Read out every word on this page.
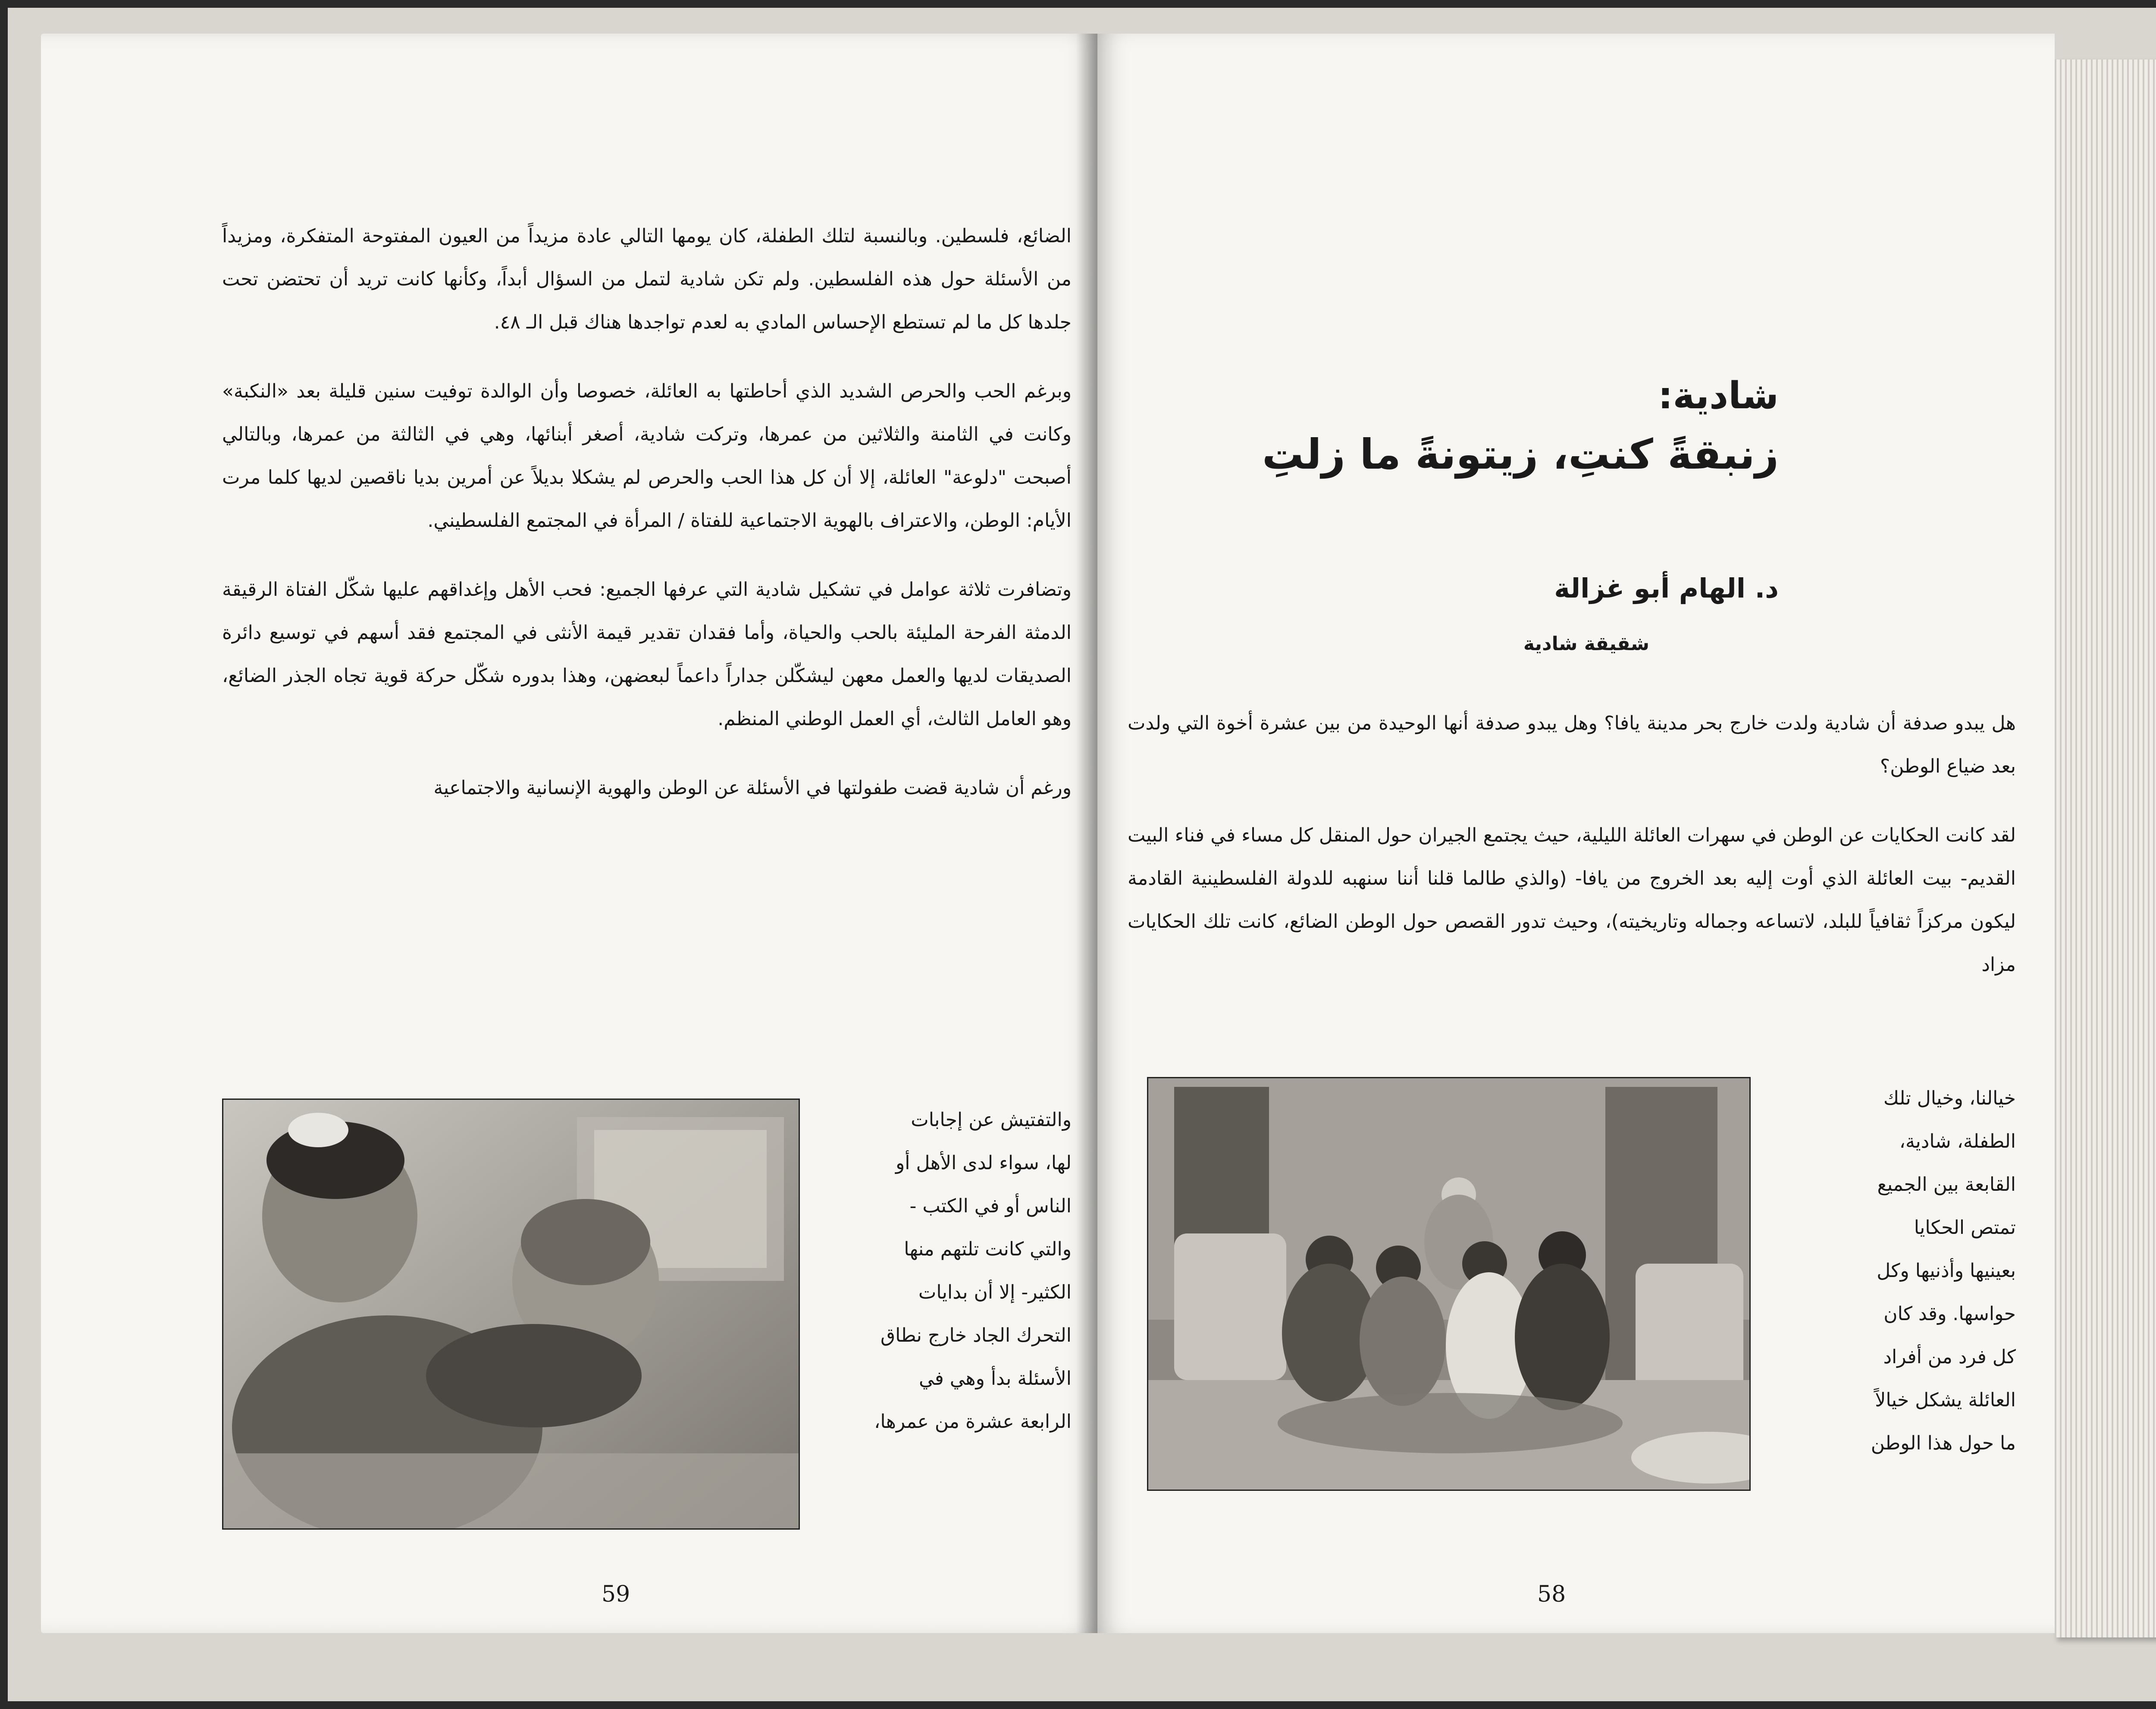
الضائع، فلسطين. وبالنسبة لتلك الطفلة، كان يومها التالي عادة مزيداً من العيون المفتوحة المتفكرة، ومزيداً من الأسئلة حول هذه الفلسطين. ولم تكن شادية لتمل من السؤال أبداً، وكأنها كانت تريد أن تحتضن تحت جلدها كل ما لم تستطع الإحساس المادي به لعدم تواجدها هناك قبل الـ ٤٨.

وبرغم الحب والحرص الشديد الذي أحاطتها به العائلة، خصوصا وأن الوالدة توفيت سنين قليلة بعد «النكبة» وكانت في الثامنة والثلاثين من عمرها، وتركت شادية، أصغر أبنائها، وهي في الثالثة من عمرها، وبالتالي أصبحت "دلوعة" العائلة، إلا أن كل هذا الحب والحرص لم يشكلا بديلاً عن أمرين بديا ناقصين لديها كلما مرت الأيام: الوطن، والاعتراف بالهوية الاجتماعية للفتاة / المرأة في المجتمع الفلسطيني.

وتضافرت ثلاثة عوامل في تشكيل شادية التي عرفها الجميع: فحب الأهل وإغداقهم عليها شكّل الفتاة الرقيقة الدمثة الفرحة المليئة بالحب والحياة، وأما فقدان تقدير قيمة الأنثى في المجتمع فقد أسهم في توسيع دائرة الصديقات لديها والعمل معهن ليشكّلن جداراً داعماً لبعضهن، وهذا بدوره شكّل حركة قوية تجاه الجذر الضائع، وهو العامل الثالث، أي العمل الوطني المنظم.

ورغم أن شادية قضت طفولتها في الأسئلة عن الوطن والهوية الإنسانية والاجتماعية

والتفتيش عن إجابات
لها، سواء لدى الأهل أو
الناس أو في الكتب -
والتي كانت تلتهم منها
الكثير- إلا أن بدايات
التحرك الجاد خارج نطاق
الأسئلة بدأ وهي في
الرابعة عشرة من عمرها،
59
شادية:
زنبقةً كنتِ، زيتونةً ما زلتِ
د. الهام أبو غزالة
شقيقة شادية

هل يبدو صدفة أن شادية ولدت خارج بحر مدينة يافا؟ وهل يبدو صدفة أنها الوحيدة من بين عشرة أخوة التي ولدت بعد ضياع الوطن؟

لقد كانت الحكايات عن الوطن في سهرات العائلة الليلية، حيث يجتمع الجيران حول المنقل كل مساء في فناء البيت القديم- بيت العائلة الذي أوت إليه بعد الخروج من يافا- (والذي طالما قلنا أننا سنهبه للدولة الفلسطينية القادمة ليكون مركزاً ثقافياً للبلد، لاتساعه وجماله وتاريخيته)، وحيث تدور القصص حول الوطن الضائع، كانت تلك الحكايات مزاد

خيالنا، وخيال تلك
الطفلة، شادية،
القابعة بين الجميع
تمتص الحكايا
بعينيها وأذنيها وكل
حواسها. وقد كان
كل فرد من أفراد
العائلة يشكل خيالاً
ما حول هذا الوطن
58
